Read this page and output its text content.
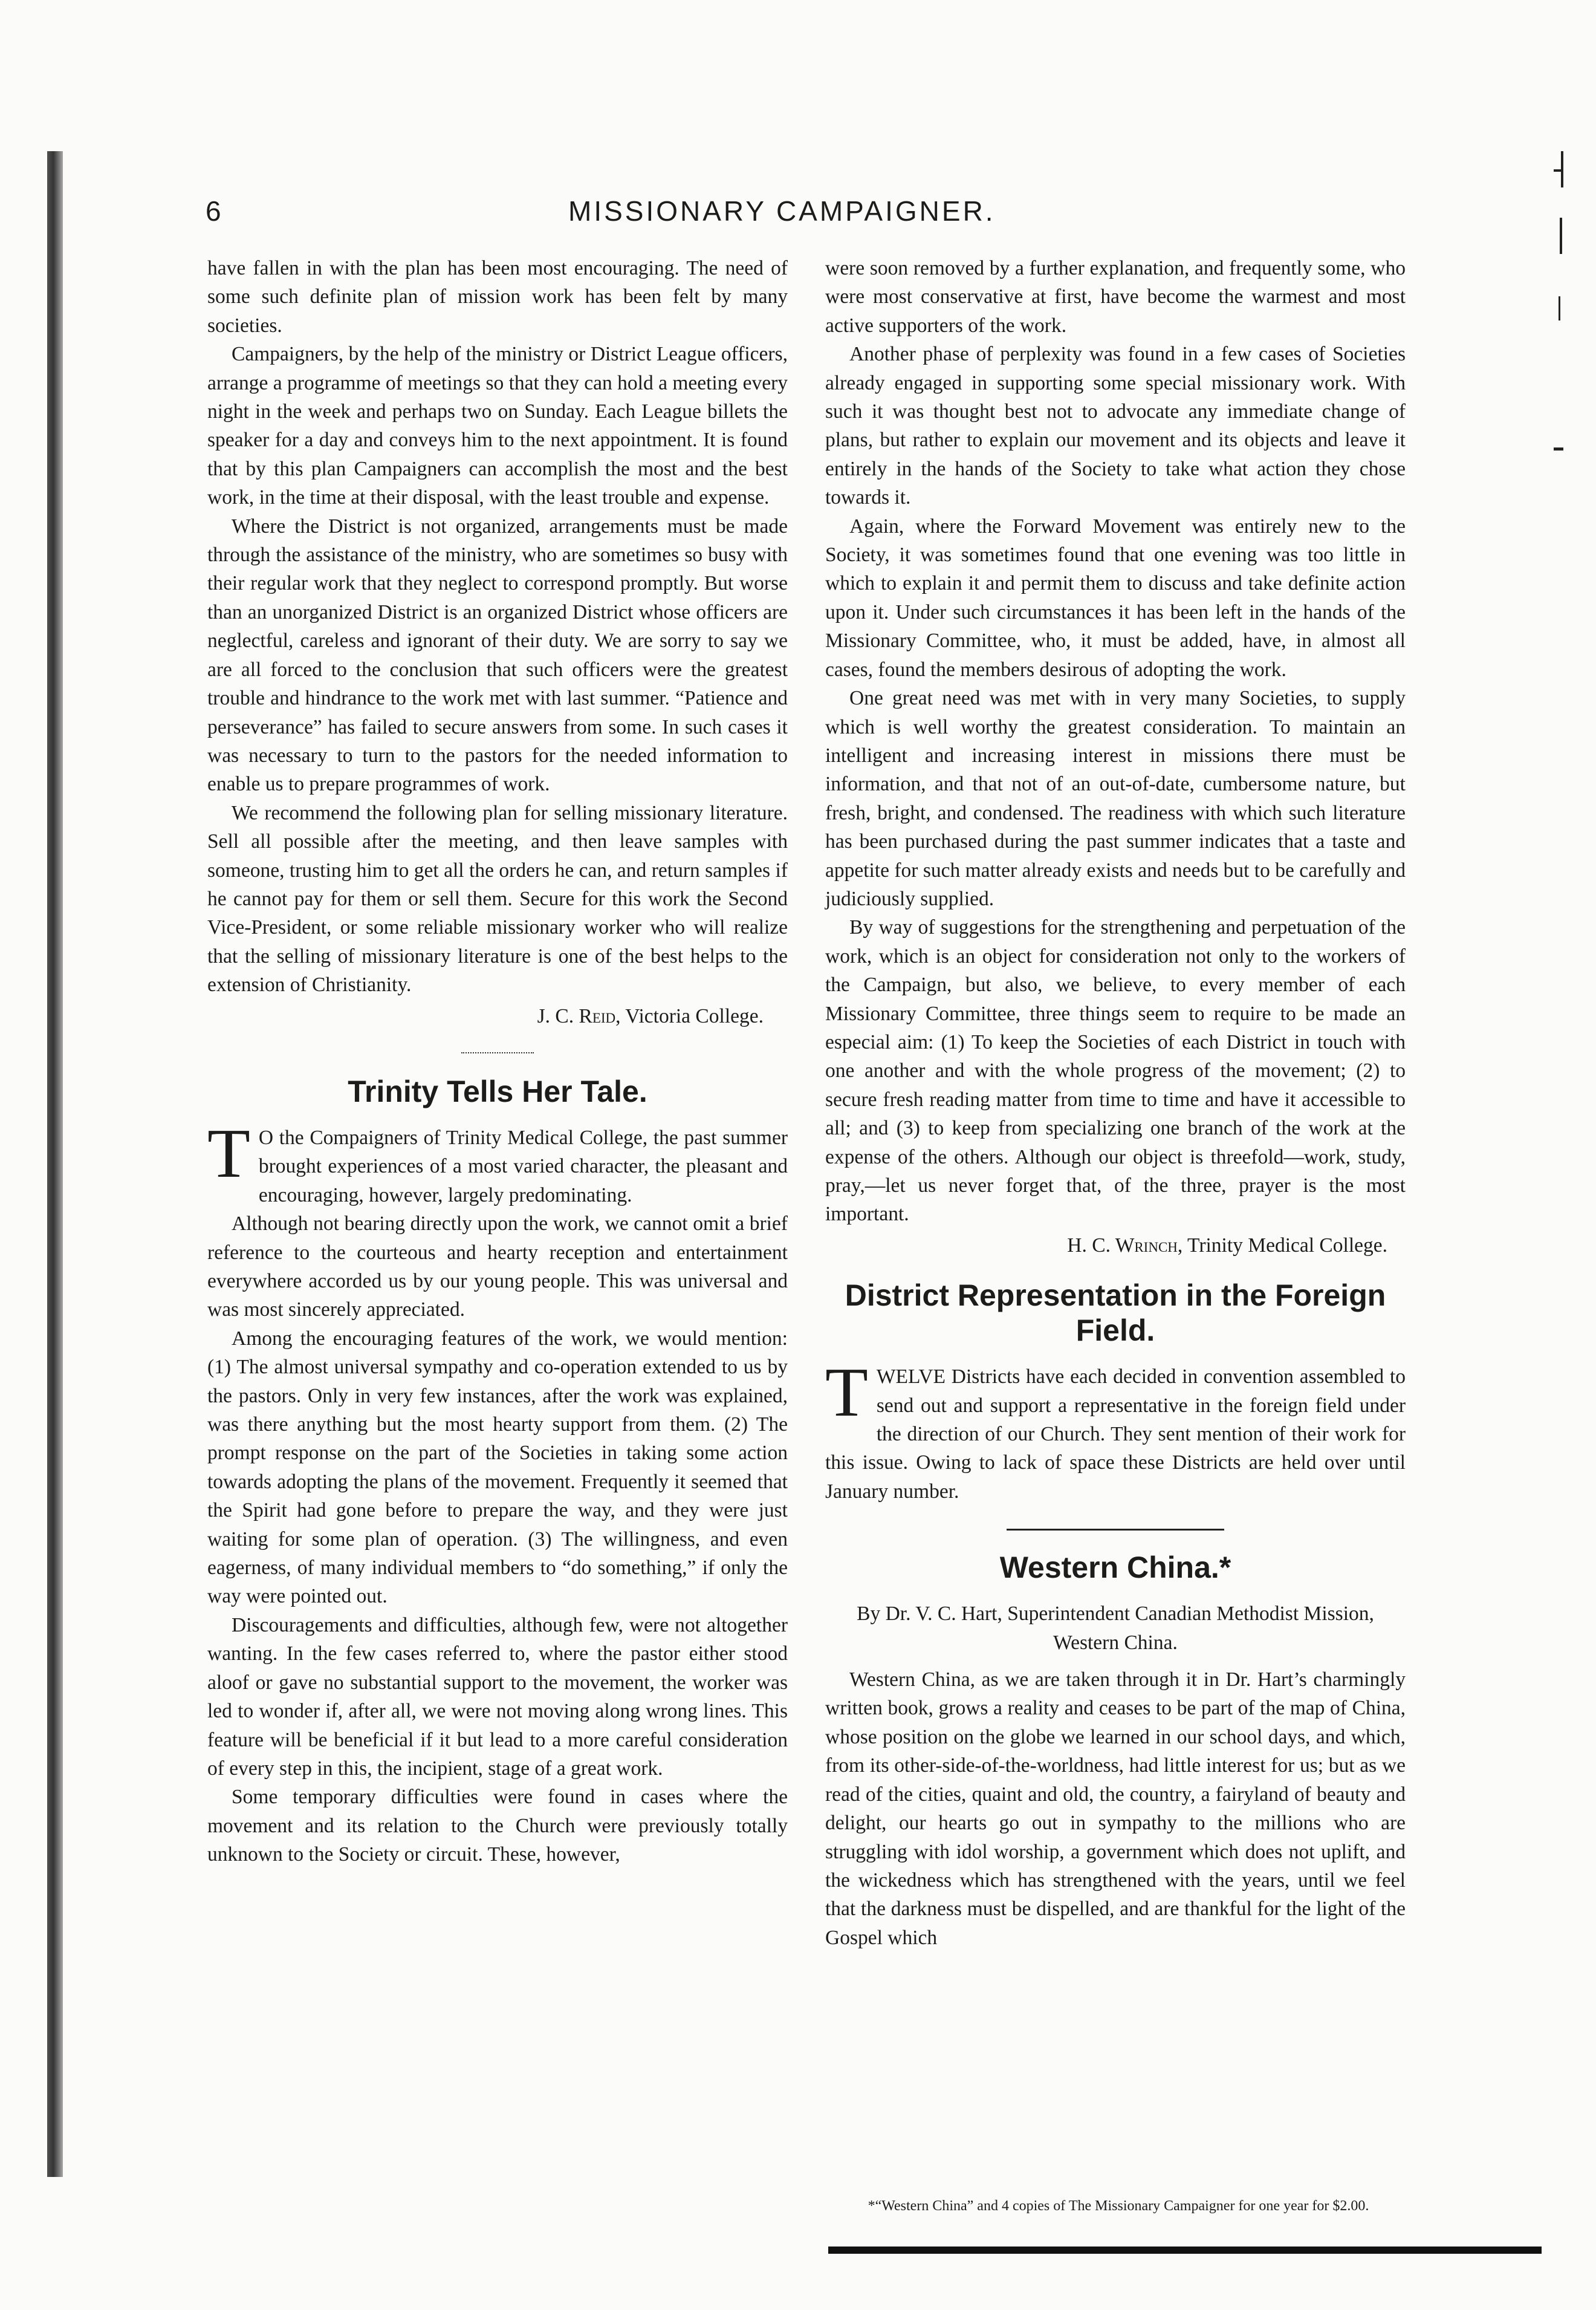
6	MISSIONARY CAMPAIGNER.

have fallen in with the plan has been most encouraging. The need of some such definite plan of mission work has been felt by many societies.

Campaigners, by the help of the ministry or District League officers, arrange a programme of meetings so that they can hold a meeting every night in the week and perhaps two on Sunday. Each League billets the speaker for a day and conveys him to the next appointment. It is found that by this plan Campaigners can accomplish the most and the best work, in the time at their disposal, with the least trouble and expense.

Where the District is not organized, arrangements must be made through the assistance of the ministry, who are sometimes so busy with their regular work that they neglect to correspond promptly. But worse than an unorganized District is an organized District whose officers are neglectful, careless and ignorant of their duty. We are sorry to say we are all forced to the conclusion that such officers were the greatest trouble and hindrance to the work met with last summer. “Patience and perseverance” has failed to secure answers from some. In such cases it was necessary to turn to the pastors for the needed information to enable us to prepare programmes of work.

We recommend the following plan for selling missionary literature. Sell all possible after the meeting, and then leave samples with someone, trusting him to get all the orders he can, and return samples if he cannot pay for them or sell them. Secure for this work the Second Vice-President, or some reliable missionary worker who will realize that the selling of missionary literature is one of the best helps to the extension of Christianity.

J. C. Reid, Victoria College.
Trinity Tells Her Tale.

T O the Compaigners of Trinity Medical College, the past summer brought experiences of a most varied character, the pleasant and encouraging, however, largely predominating.

Although not bearing directly upon the work, we cannot omit a brief reference to the courteous and hearty reception and entertainment everywhere accorded us by our young people. This was universal and was most sincerely appreciated.

Among the encouraging features of the work, we would mention: (1) The almost universal sympathy and co-operation extended to us by the pastors. Only in very few instances, after the work was explained, was there anything but the most hearty support from them. (2) The prompt response on the part of the Societies in taking some action towards adopting the plans of the movement. Frequently it seemed that the Spirit had gone before to prepare the way, and they were just waiting for some plan of operation. (3) The willingness, and even eagerness, of many individual members to “do something,” if only the way were pointed out.

Discouragements and difficulties, although few, were not altogether wanting. In the few cases referred to, where the pastor either stood aloof or gave no substantial support to the movement, the worker was led to wonder if, after all, we were not moving along wrong lines. This feature will be beneficial if it but lead to a more careful consideration of every step in this, the incipient, stage of a great work.

Some temporary difficulties were found in cases where the movement and its relation to the Church were previously totally unknown to the Society or circuit. These, however,

were soon removed by a further explanation, and frequently some, who were most conservative at first, have become the warmest and most active supporters of the work.

Another phase of perplexity was found in a few cases of Societies already engaged in supporting some special missionary work. With such it was thought best not to advocate any immediate change of plans, but rather to explain our movement and its objects and leave it entirely in the hands of the Society to take what action they chose towards it.

Again, where the Forward Movement was entirely new to the Society, it was sometimes found that one evening was too little in which to explain it and permit them to discuss and take definite action upon it. Under such circumstances it has been left in the hands of the Missionary Committee, who, it must be added, have, in almost all cases, found the members desirous of adopting the work.

One great need was met with in very many Societies, to supply which is well worthy the greatest consideration. To maintain an intelligent and increasing interest in missions there must be information, and that not of an out-of-date, cumbersome nature, but fresh, bright, and condensed. The readiness with which such literature has been purchased during the past summer indicates that a taste and appetite for such matter already exists and needs but to be carefully and judiciously supplied.

By way of suggestions for the strengthening and perpetuation of the work, which is an object for consideration not only to the workers of the Campaign, but also, we believe, to every member of each Missionary Committee, three things seem to require to be made an especial aim: (1) To keep the Societies of each District in touch with one another and with the whole progress of the movement; (2) to secure fresh reading matter from time to time and have it accessible to all; and (3) to keep from specializing one branch of the work at the expense of the others. Although our object is threefold—work, study, pray,—let us never forget that, of the three, prayer is the most important.

H. C. Wrinch, Trinity Medical College.
District Representation in the Foreign Field.

TWELVE Districts have each decided in convention assembled to send out and support a representative in the foreign field under the direction of our Church. They sent mention of their work for this issue. Owing to lack of space these Districts are held over until January number.

Western China.*

By Dr. V. C. Hart, Superintendent Canadian Methodist Mission, Western China.

Western China, as we are taken through it in Dr. Hart’s charmingly written book, grows a reality and ceases to be part of the map of China, whose position on the globe we learned in our school days, and which, from its other-side-of-the-worldness, had little interest for us; but as we read of the cities, quaint and old, the country, a fairyland of beauty and delight, our hearts go out in sympathy to the millions who are struggling with idol worship, a government which does not uplift, and the wickedness which has strengthened with the years, until we feel that the darkness must be dispelled, and are thankful for the light of the Gospel which

*“Western China” and 4 copies of The Missionary Campaigner for one year for $2.00.
